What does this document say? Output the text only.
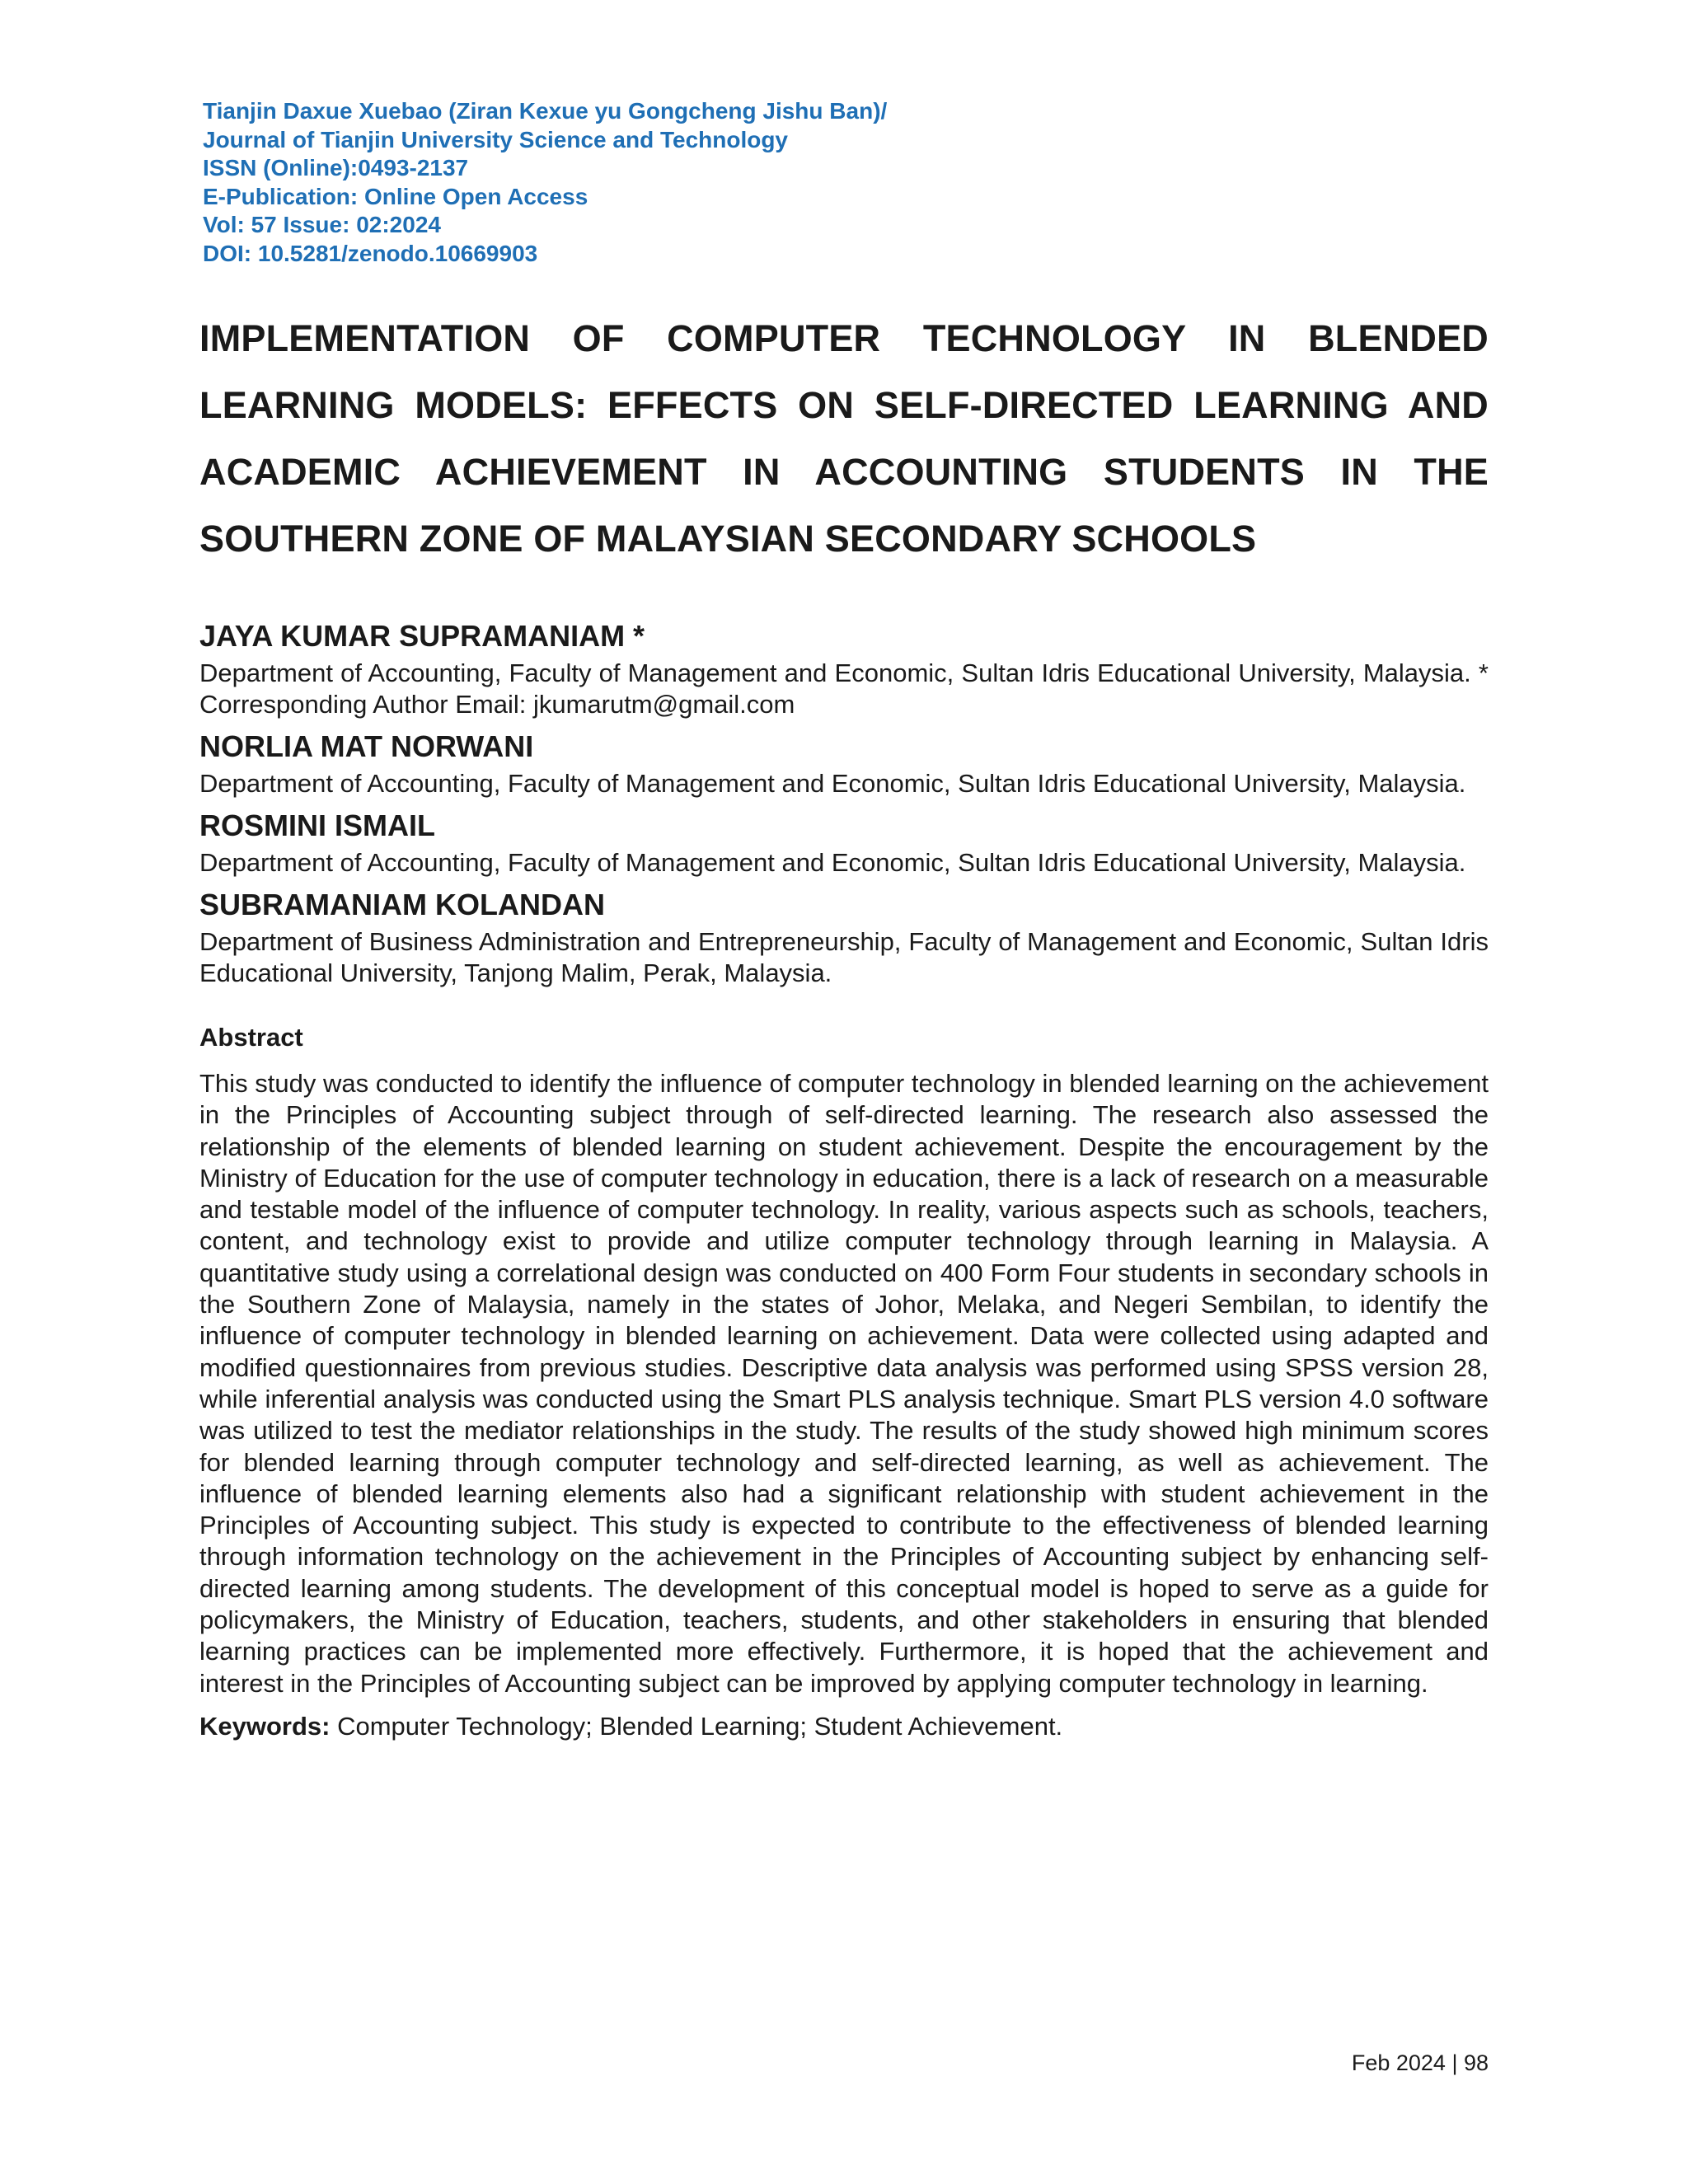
Tianjin Daxue Xuebao (Ziran Kexue yu Gongcheng Jishu Ban)/
Journal of Tianjin University Science and Technology
ISSN (Online):0493-2137
E-Publication: Online Open Access
Vol: 57 Issue: 02:2024
DOI: 10.5281/zenodo.10669903
IMPLEMENTATION OF COMPUTER TECHNOLOGY IN BLENDED LEARNING MODELS: EFFECTS ON SELF-DIRECTED LEARNING AND ACADEMIC ACHIEVEMENT IN ACCOUNTING STUDENTS IN THE SOUTHERN ZONE OF MALAYSIAN SECONDARY SCHOOLS

JAYA KUMAR SUPRAMANIAM *

Department of Accounting, Faculty of Management and Economic, Sultan Idris Educational University, Malaysia. * Corresponding Author Email: jkumarutm@gmail.com

NORLIA MAT NORWANI

Department of Accounting, Faculty of Management and Economic, Sultan Idris Educational University, Malaysia.

ROSMINI ISMAIL

Department of Accounting, Faculty of Management and Economic, Sultan Idris Educational University, Malaysia.

SUBRAMANIAM KOLANDAN

Department of Business Administration and Entrepreneurship, Faculty of Management and Economic, Sultan Idris Educational University, Tanjong Malim, Perak, Malaysia.

Abstract
This study was conducted to identify the influence of computer technology in blended learning on the achievement in the Principles of Accounting subject through of self-directed learning. The research also assessed the relationship of the elements of blended learning on student achievement. Despite the encouragement by the Ministry of Education for the use of computer technology in education, there is a lack of research on a measurable and testable model of the influence of computer technology. In reality, various aspects such as schools, teachers, content, and technology exist to provide and utilize computer technology through learning in Malaysia. A quantitative study using a correlational design was conducted on 400 Form Four students in secondary schools in the Southern Zone of Malaysia, namely in the states of Johor, Melaka, and Negeri Sembilan, to identify the influence of computer technology in blended learning on achievement. Data were collected using adapted and modified questionnaires from previous studies. Descriptive data analysis was performed using SPSS version 28, while inferential analysis was conducted using the Smart PLS analysis technique. Smart PLS version 4.0 software was utilized to test the mediator relationships in the study. The results of the study showed high minimum scores for blended learning through computer technology and self-directed learning, as well as achievement. The influence of blended learning elements also had a significant relationship with student achievement in the Principles of Accounting subject. This study is expected to contribute to the effectiveness of blended learning through information technology on the achievement in the Principles of Accounting subject by enhancing self-directed learning among students. The development of this conceptual model is hoped to serve as a guide for policymakers, the Ministry of Education, teachers, students, and other stakeholders in ensuring that blended learning practices can be implemented more effectively. Furthermore, it is hoped that the achievement and interest in the Principles of Accounting subject can be improved by applying computer technology in learning.
Keywords: Computer Technology; Blended Learning; Student Achievement.
Feb 2024 | 98
